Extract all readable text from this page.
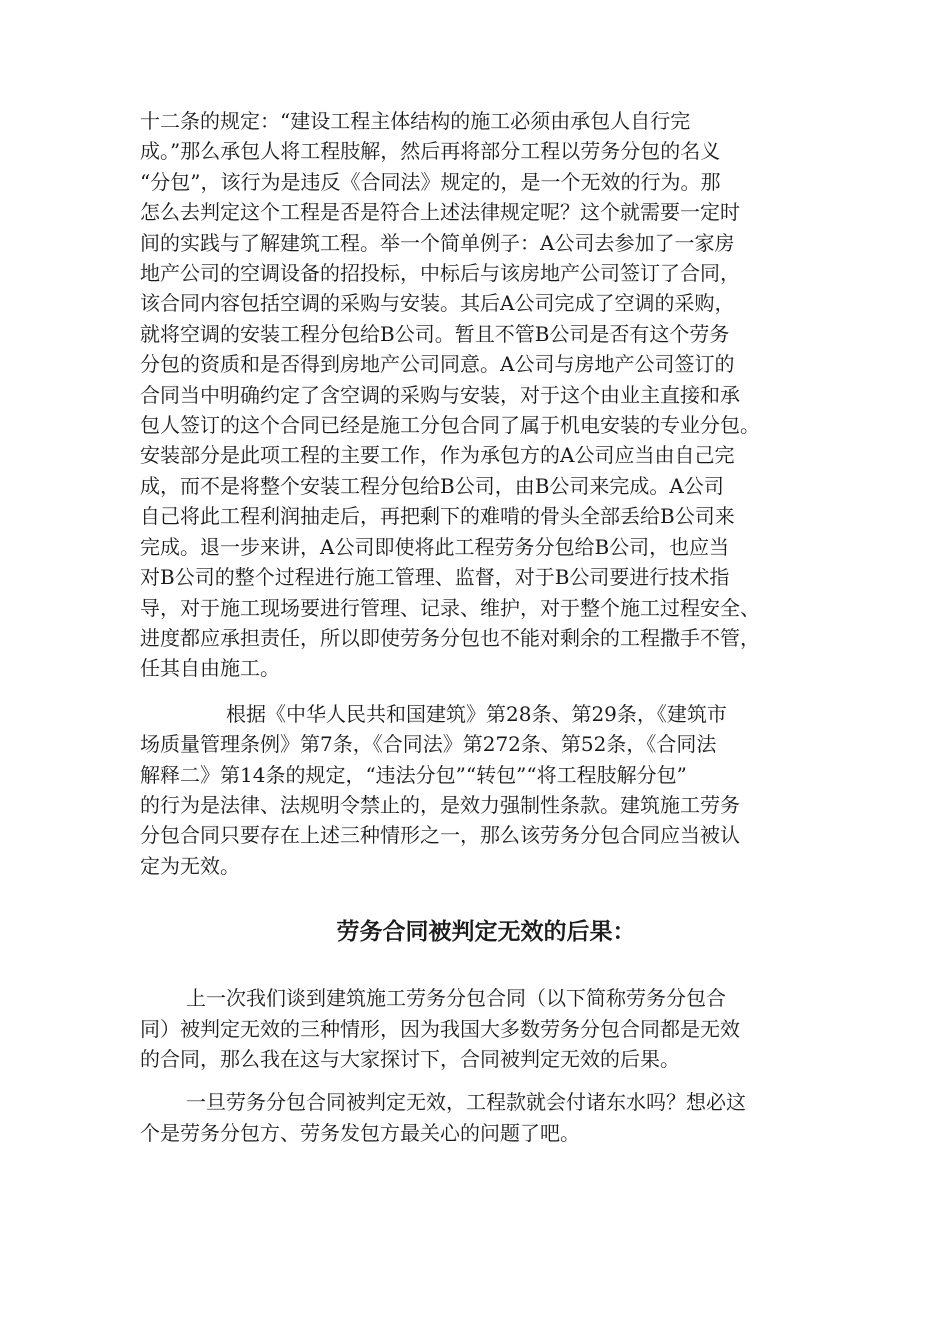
十二条的规定：“建设工程主体结构的施工必须由承包人自行完
成。”那么承包人将工程肢解，然后再将部分工程以劳务分包的名义
“分包”，该行为是违反《合同法》规定的，是一个无效的行为。那
怎么去判定这个工程是否是符合上述法律规定呢？这个就需要一定时
间的实践与了解建筑工程。举一个简单例子：A公司去参加了一家房
地产公司的空调设备的招投标，中标后与该房地产公司签订了合同，
该合同内容包括空调的采购与安装。其后A公司完成了空调的采购，
就将空调的安装工程分包给B公司。暂且不管B公司是否有这个劳务
分包的资质和是否得到房地产公司同意。A公司与房地产公司签订的
合同当中明确约定了含空调的采购与安装，对于这个由业主直接和承
包人签订的这个合同已经是施工分包合同了属于机电安装的专业分包。
安装部分是此项工程的主要工作，作为承包方的A公司应当由自己完
成，而不是将整个安装工程分包给B公司，由B公司来完成。A公司
自己将此工程利润抽走后，再把剩下的难啃的骨头全部丢给B公司来
完成。退一步来讲，A公司即使将此工程劳务分包给B公司，也应当
对B公司的整个过程进行施工管理、监督，对于B公司要进行技术指
导，对于施工现场要进行管理、记录、维护，对于整个施工过程安全、
进度都应承担责任，所以即使劳务分包也不能对剩余的工程撒手不管，
任其自由施工。
根据《中华人民共和国建筑》第28条、第29条，《建筑市
场质量管理条例》第7条，《合同法》第272条、第52条，《合同法
解释二》第14条的规定，“违法分包”“转包”“将工程肢解分包”
的行为是法律、法规明令禁止的，是效力强制性条款。建筑施工劳务
分包合同只要存在上述三种情形之一，那么该劳务分包合同应当被认
定为无效。
劳务合同被判定无效的后果：
上一次我们谈到建筑施工劳务分包合同（以下简称劳务分包合
同）被判定无效的三种情形，因为我国大多数劳务分包合同都是无效
的合同，那么我在这与大家探讨下，合同被判定无效的后果。
一旦劳务分包合同被判定无效，工程款就会付诸东水吗？想必这
个是劳务分包方、劳务发包方最关心的问题了吧。
